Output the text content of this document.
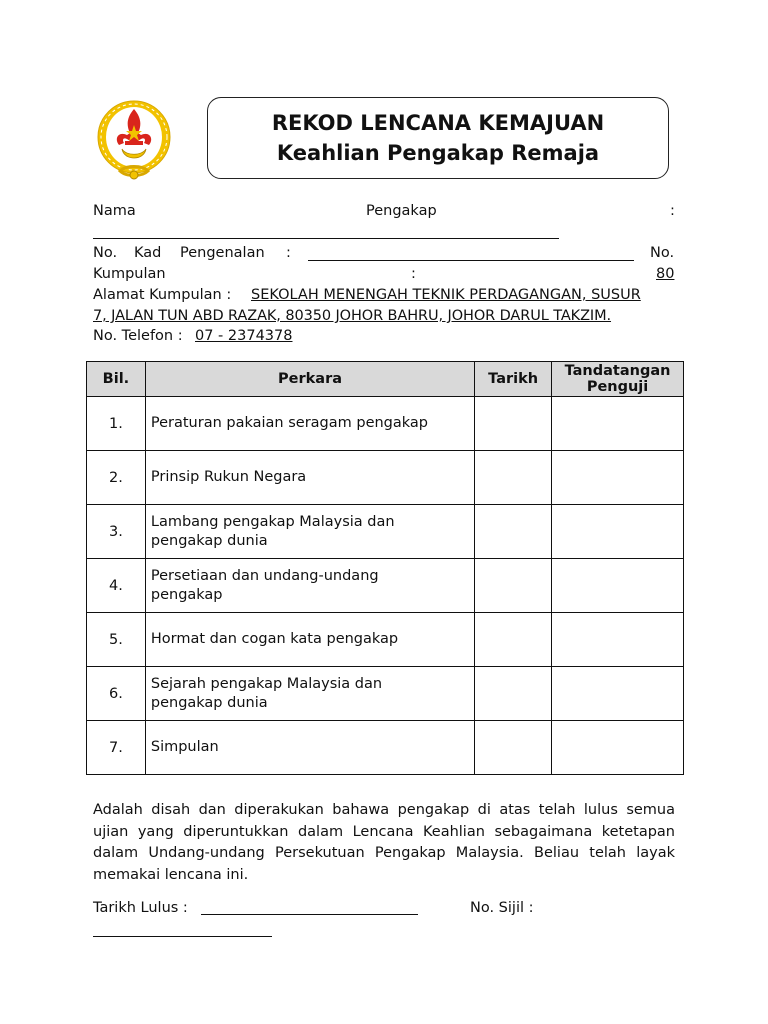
REKOD LENCANA KEMAJUAN
Keahlian Pengakap Remaja
Nama	Pengakap	:
No. Kad Pengenalan :	No.
Kumpulan	:	80
Alamat Kumpulan : SEKOLAH MENENGAH TEKNIK PERDAGANGAN, SUSUR
7, JALAN TUN ABD RAZAK, 80350 JOHOR BAHRU, JOHOR DARUL TAKZIM.
No. Telefon : 07 - 2374378
Bil.	Perkara	Tarikh	Tandatangan Penguji
1.	Peraturan pakaian seragam pengakap		
2.	Prinsip Rukun Negara		
3.	Lambang pengakap Malaysia dan pengakap dunia		
4.	Persetiaan dan undang-undang pengakap		
5.	Hormat dan cogan kata pengakap		
6.	Sejarah pengakap Malaysia dan pengakap dunia		
7.	Simpulan		
Adalah disah dan diperakukan bahawa pengakap di atas telah lulus semua ujian yang diperuntukkan dalam Lencana Keahlian sebagaimana ketetapan dalam Undang-undang Persekutuan Pengakap Malaysia. Beliau telah layak memakai lencana ini.
Tarikh Lulus :	No. Sijil :
